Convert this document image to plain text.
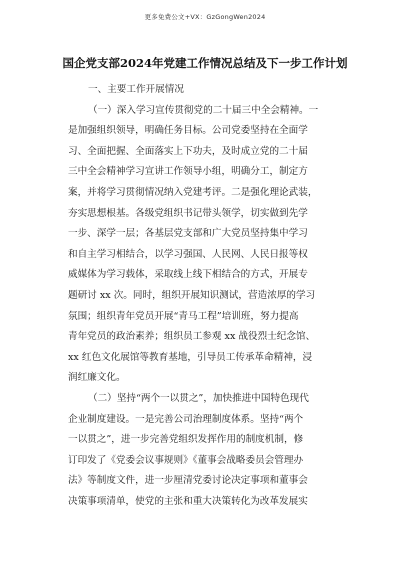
更多免费公文+VX：GzGongWen2024
国企党支部2024年党建工作情况总结及下一步工作计划
一、主要工作开展情况
（一）深入学习宣传贯彻党的二十届三中全会精神。一
是加强组织领导，明确任务目标。公司党委坚持在全面学
习、全面把握、全面落实上下功夫，及时成立党的二十届
三中全会精神学习宣讲工作领导小组，明确分工，制定方
案，并将学习贯彻情况纳入党建考评。二是强化理论武装，
夯实思想根基。各级党组织书记带头领学，切实做到先学
一步、深学一层；各基层党支部和广大党员坚持集中学习
和自主学习相结合，以学习强国、人民网、人民日报等权
威媒体为学习载体，采取线上线下相结合的方式，开展专
题研讨 xx 次。同时，组织开展知识测试，营造浓厚的学习
氛围；组织青年党员开展“青马工程”培训班，努力提高
青年党员的政治素养；组织员工参观 xx 战役烈士纪念馆、
xx 红色文化展馆等教育基地，引导员工传承革命精神，浸
润红廉文化。
（二）坚持“两个一以贯之”，加快推进中国特色现代
企业制度建设。一是完善公司治理制度体系。坚持“两个
一以贯之”，进一步完善党组织发挥作用的制度机制，修
订印发了《党委会议事规则》《董事会战略委员会管理办
法》等制度文件，进一步厘清党委讨论决定事项和董事会
决策事项清单，使党的主张和重大决策转化为改革发展实
